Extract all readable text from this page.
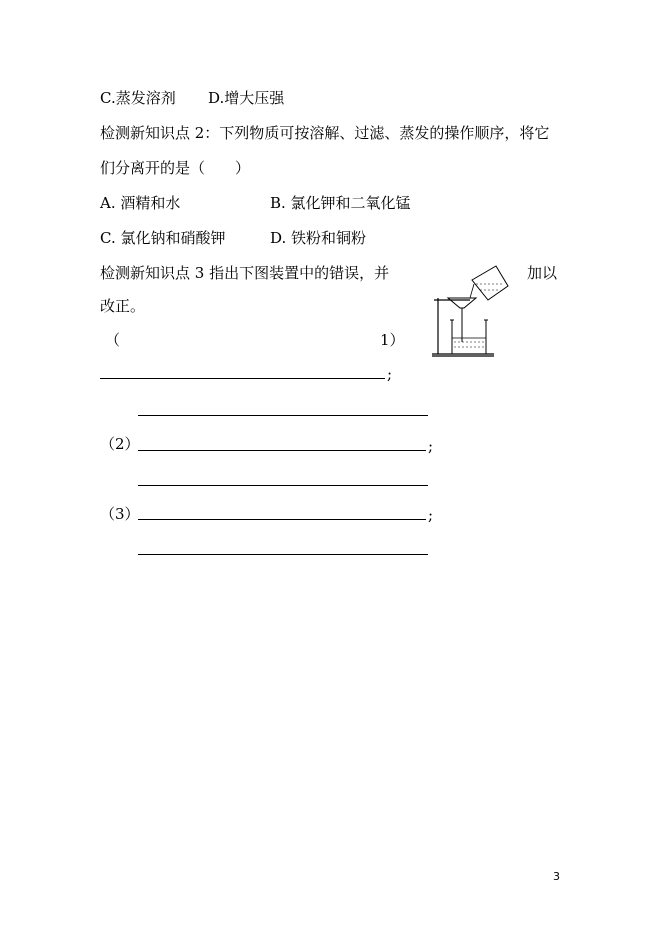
C.蒸发溶剂 D.增大压强
检测新知识点 2：下列物质可按溶解、过滤、蒸发的操作顺序，将它
们分离开的是（　　）
A. 酒精和水	B. 氯化钾和二氧化锰
C. 氯化钠和硝酸钾	D. 铁粉和铜粉
检测新知识点 3 指出下图装置中的错误，并	加以
改正。
（	1）
;
（2）	;
（3）	;
3
